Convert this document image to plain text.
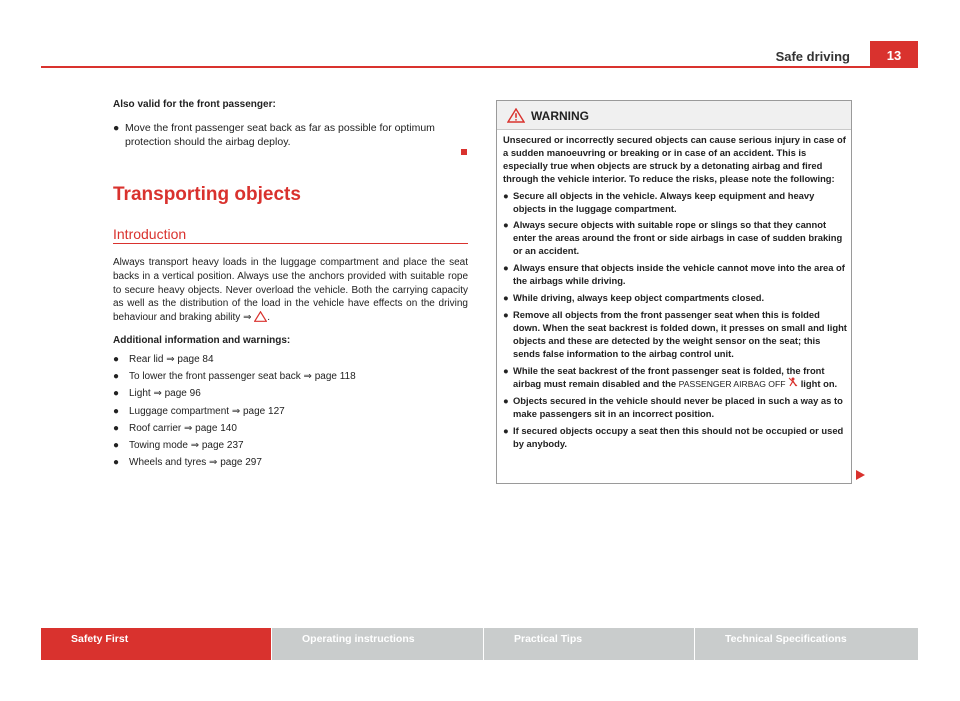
Safe driving	13
Also valid for the front passenger:
● Move the front passenger seat back as far as possible for optimum protection should the airbag deploy.
Transporting objects
Introduction
Always transport heavy loads in the luggage compartment and place the seat backs in a vertical position. Always use the anchors provided with suitable rope to secure heavy objects. Never overload the vehicle. Both the carrying capacity as well as the distribution of the load in the vehicle have effects on the driving behaviour and braking ability ⇒ .
Additional information and warnings:
● Rear lid ⇒ page 84
● To lower the front passenger seat back ⇒ page 118
● Light ⇒ page 96
● Luggage compartment ⇒ page 127
● Roof carrier ⇒ page 140
● Towing mode ⇒ page 237
● Wheels and tyres ⇒ page 297
WARNING

Unsecured or incorrectly secured objects can cause serious injury in case of a sudden manoeuvring or breaking or in case of an accident. This is especially true when objects are struck by a detonating airbag and fired through the vehicle interior. To reduce the risks, please note the following:

● Secure all objects in the vehicle. Always keep equipment and heavy objects in the luggage compartment.
● Always secure objects with suitable rope or slings so that they cannot enter the areas around the front or side airbags in case of sudden braking or an accident.
● Always ensure that objects inside the vehicle cannot move into the area of the airbags while driving.
● While driving, always keep object compartments closed.
● Remove all objects from the front passenger seat when this is folded down. When the seat backrest is folded down, it presses on small and light objects and these are detected by the weight sensor on the seat; this sends false information to the airbag control unit.
● While the seat backrest of the front passenger seat is folded, the front airbag must remain disabled and the PASSENGER AIRBAG OFF light on.
● Objects secured in the vehicle should never be placed in such a way as to make passengers sit in an incorrect position.
● If secured objects occupy a seat then this should not be occupied or used by anybody.
Safety First	Operating instructions	Practical Tips	Technical Specifications
